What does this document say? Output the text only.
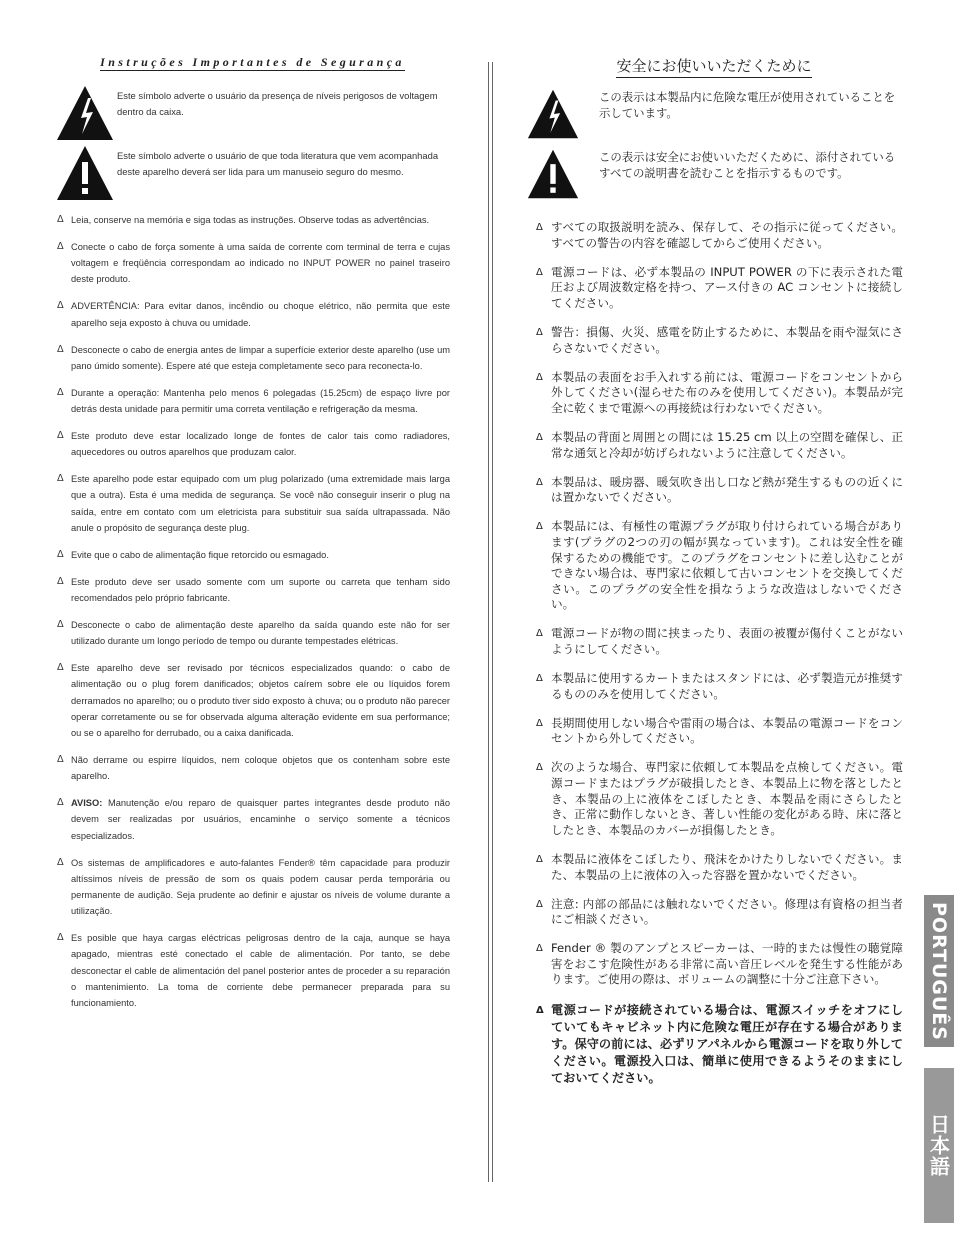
Instruções Importantes de Segurança
Este símbolo adverte o usuário da presença de níveis perigosos de voltagem dentro da caixa.
Este símbolo adverte o usuário de que toda literatura que vem acompanhada deste aparelho deverá ser lida para um manuseio seguro do mesmo.
Δ Leia, conserve na memória e siga todas as instruções. Observe todas as advertências.
Δ Conecte o cabo de força somente à uma saída de corrente com terminal de terra e cujas voltagem e freqüência correspondam ao indicado no INPUT POWER no painel traseiro deste produto.
Δ ADVERTÊNCIA: Para evitar danos, incêndio ou choque elétrico, não permita que este aparelho seja exposto à chuva ou umidade.
Δ Desconecte o cabo de energia antes de limpar a superfície exterior deste aparelho (use um pano úmido somente). Espere até que esteja completamente seco para reconecta-lo.
Δ Durante a operação: Mantenha pelo menos 6 polegadas (15.25cm) de espaço livre por detrás desta unidade para permitir uma correta ventilação e refrigeração da mesma.
Δ Este produto deve estar localizado longe de fontes de calor tais como radiadores, aquecedores ou outros aparelhos que produzam calor.
Δ Este aparelho pode estar equipado com um plug polarizado (uma extremidade mais larga que a outra). Esta é uma medida de segurança. Se você não conseguir inserir o plug na saída, entre em contato com um eletricista para substituir sua saída ultrapassada. Não anule o propósito de segurança deste plug.
Δ Evite que o cabo de alimentação fique retorcido ou esmagado.
Δ Este produto deve ser usado somente com um suporte ou carreta que tenham sido recomendados pelo próprio fabricante.
Δ Desconecte o cabo de alimentação deste aparelho da saída quando este não for ser utilizado durante um longo período de tempo ou durante tempestades elétricas.
Δ Este aparelho deve ser revisado por técnicos especializados quando: o cabo de alimentação ou o plug forem danificados; objetos caírem sobre ele ou líquidos forem derramados no aparelho; ou o produto tiver sido exposto à chuva; ou o produto não parecer operar corretamente ou se for observada alguma alteração evidente em sua performance; ou se o aparelho for derrubado, ou a caixa danificada.
Δ Não derrame ou espirre líquidos, nem coloque objetos que os contenham sobre este aparelho.
Δ AVISO: Manutenção e/ou reparo de quaisquer partes integrantes desde produto não devem ser realizadas por usuários, encaminhe o serviço somente a técnicos especializados.
Δ Os sistemas de amplificadores e auto-falantes Fender® têm capacidade para produzir altíssimos níveis de pressão de som os quais podem causar perda temporária ou permanente de audição. Seja prudente ao definir e ajustar os níveis de volume durante a utilização.
Δ Es posible que haya cargas eléctricas peligrosas dentro de la caja, aunque se haya apagado, mientras esté conectado el cable de alimentación. Por tanto, se debe desconectar el cable de alimentación del panel posterior antes de proceder a su reparación o mantenimiento. La toma de corriente debe permanecer preparada para su funcionamiento.
安全にお使いいただくために
この表示は本製品内に危険な電圧が使用されていることを示しています。
この表示は安全にお使いいただくために、添付されているすべての説明書を読むことを指示するものです。
Δ すべての取扱説明を読み、保存して、その指示に従ってください。すべての警告の内容を確認してからご使用ください。
Δ 電源コードは、必ず本製品の INPUT POWER の下に表示された電圧および周波数定格を持つ、アース付きの AC コンセントに接続してください。
Δ 警告：損傷、火災、感電を防止するために、本製品を雨や湿気にさらさないでください。
Δ 本製品の表面をお手入れする前には、電源コードをコンセントから外してください(湿らせた布のみを使用してください)。本製品が完全に乾くまで電源への再接続は行わないでください。
Δ 本製品の背面と周囲との間には 15.25 cm 以上の空間を確保し、正常な通気と冷却が妨げられないように注意してください。
Δ 本製品は、暖房器、暖気吹き出し口など熱が発生するものの近くには置かないでください。
Δ 本製品には、有極性の電源プラグが取り付けられている場合があります(プラグの2つの刃の幅が異なっています)。これは安全性を確保するための機能です。このプラグをコンセントに差し込むことができない場合は、専門家に依頼して古いコンセントを交換してください。このプラグの安全性を損なうような改造はしないでください。
Δ 電源コードが物の間に挟まったり、表面の被覆が傷付くことがないようにしてください。
Δ 本製品に使用するカートまたはスタンドには、必ず製造元が推奨するもののみを使用してください。
Δ 長期間使用しない場合や雷雨の場合は、本製品の電源コードをコンセントから外してください。
Δ 次のような場合、専門家に依頼して本製品を点検してください。電源コードまたはプラグが破損したとき、本製品上に物を落としたとき、本製品の上に液体をこぼしたとき、本製品を雨にさらしたとき、正常に動作しないとき、著しい性能の変化がある時、床に落としたとき、本製品のカバーが損傷したとき。
Δ 本製品に液体をこぼしたり、飛沫をかけたりしないでください。また、本製品の上に液体の入った容器を置かないでください。
Δ 注意: 内部の部品には触れないでください。修理は有資格の担当者にご相談ください。
Δ Fender ® 製のアンプとスピーカーは、一時的または慢性の聴覚障害をおこす危険性がある非常に高い音圧レベルを発生する性能があります。ご使用の際は、ボリュームの調整に十分ご注意下さい。
Δ 電源コードが接続されている場合は、電源スイッチをオフにしていてもキャビネット内に危険な電圧が存在する場合があります。保守の前には、必ずリアパネルから電源コードを取り外してください。電源投入口は、簡単に使用できるようそのままにしておいてください。
PORTUGUÊS
日本語
